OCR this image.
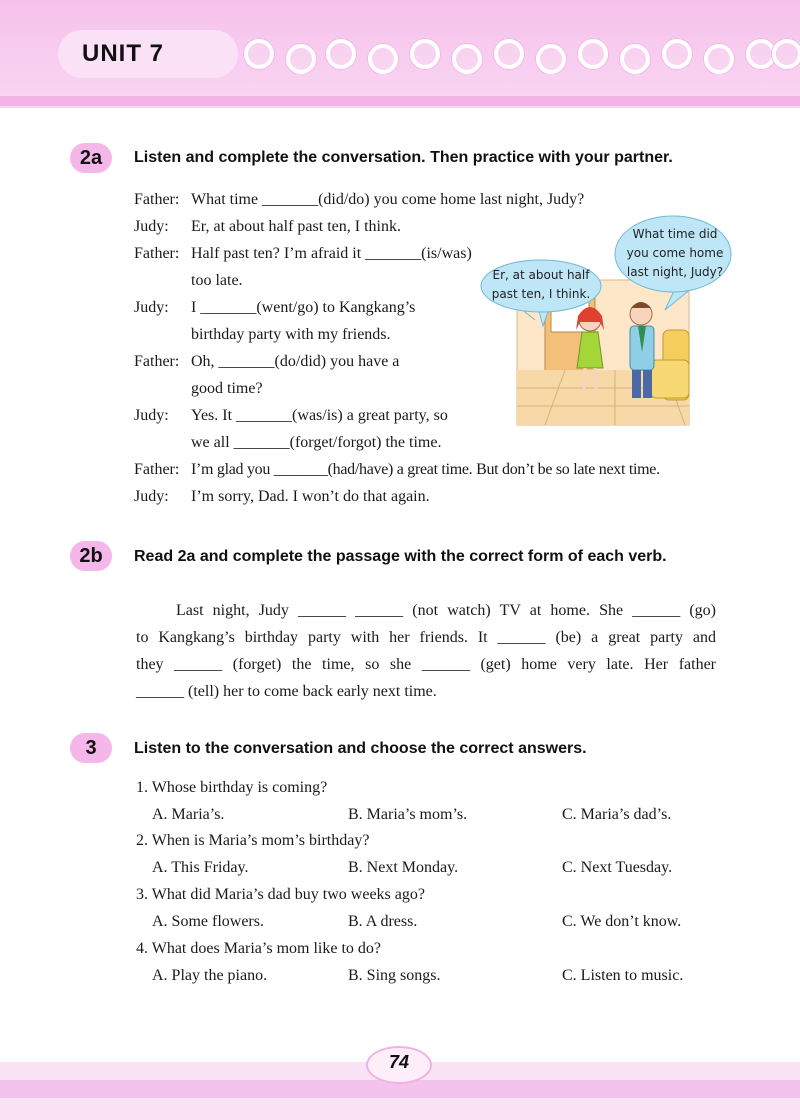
UNIT 7
2a	Listen and complete the conversation. Then practice with your partner.
Father: What time _______(did/do) you come home last night, Judy?
Judy: Er, at about half past ten, I think.
Father: Half past ten? I’m afraid it _______(is/was)
too late.
Judy: I _______(went/go) to Kangkang’s
birthday party with my friends.
Father: Oh, _______(do/did) you have a
good time?
Judy: Yes. It _______(was/is) a great party, so
we all _______(forget/forgot) the time.
Father: I’m glad you _______(had/have) a great time. But don’t be so late next time.
Judy: I’m sorry, Dad. I won’t do that again.
What time did
you come home
last night, Judy?
Er, at about half
past ten, I think.
2b	Read 2a and complete the passage with the correct form of each verb.
Last night, Judy ______ ______ (not watch) TV at home. She ______ (go)
to Kangkang’s birthday party with her friends. It ______ (be) a great party and
they ______ (forget) the time, so she ______ (get) home very late. Her father
______ (tell) her to come back early next time.
3	Listen to the conversation and choose the correct answers.
1. Whose birthday is coming?
A. Maria’s.	B. Maria’s mom’s.	C. Maria’s dad’s.
2. When is Maria’s mom’s birthday?
A. This Friday.	B. Next Monday.	C. Next Tuesday.
3. What did Maria’s dad buy two weeks ago?
A. Some flowers.	B. A dress.	C. We don’t know.
4. What does Maria’s mom like to do?
A. Play the piano.	B. Sing songs.	C. Listen to music.
74
